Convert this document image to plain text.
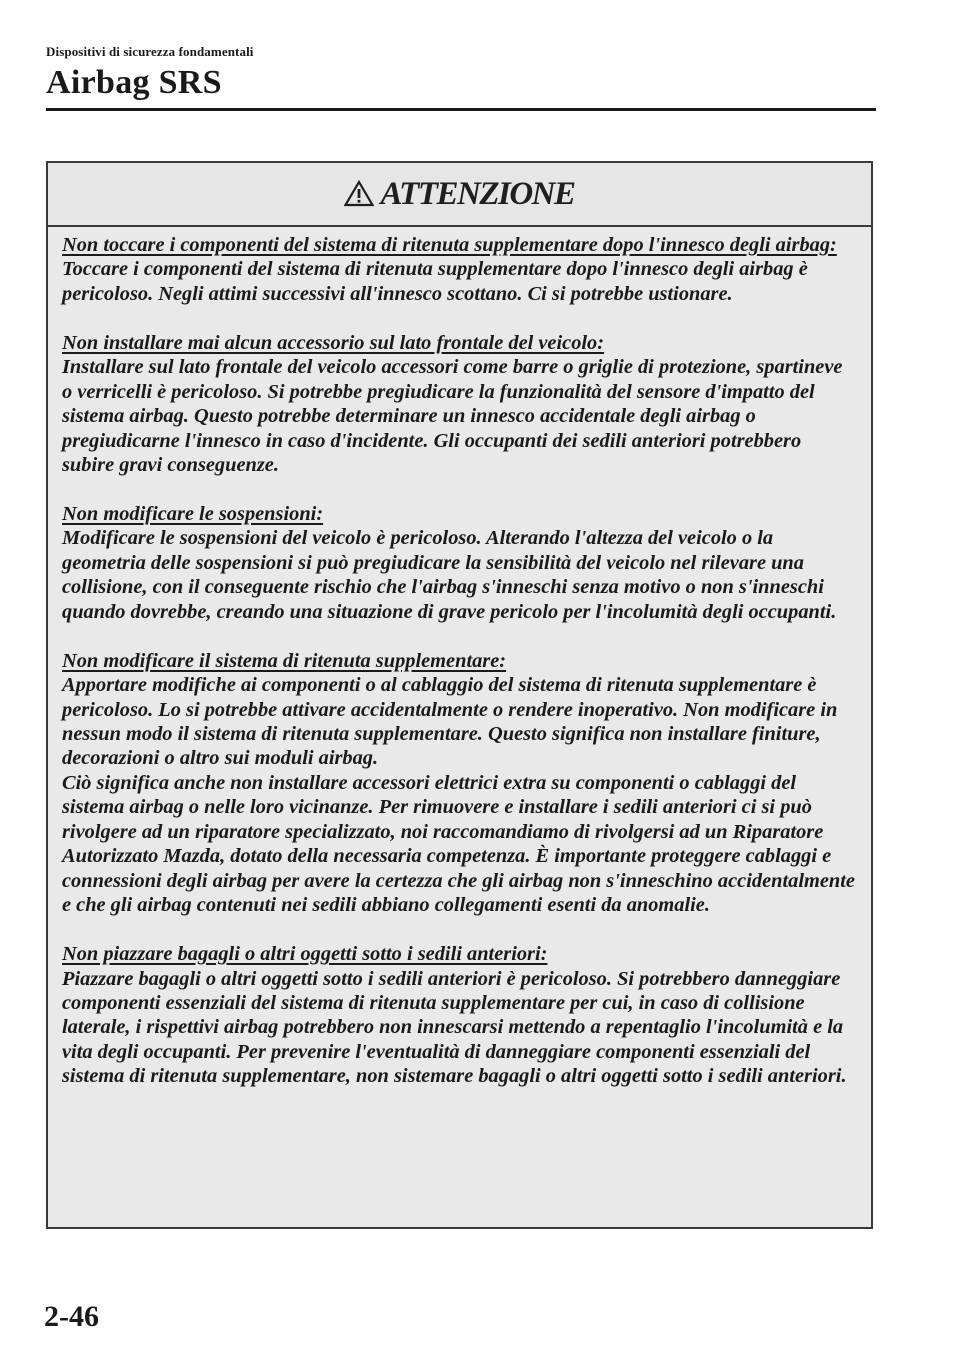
Dispositivi di sicurezza fondamentali
Airbag SRS
ATTENZIONE
Non toccare i componenti del sistema di ritenuta supplementare dopo l'innesco degli airbag:
Toccare i componenti del sistema di ritenuta supplementare dopo l'innesco degli airbag è pericoloso. Negli attimi successivi all'innesco scottano. Ci si potrebbe ustionare.
Non installare mai alcun accessorio sul lato frontale del veicolo:
Installare sul lato frontale del veicolo accessori come barre o griglie di protezione, spartineve o verricelli è pericoloso. Si potrebbe pregiudicare la funzionalità del sensore d'impatto del sistema airbag. Questo potrebbe determinare un innesco accidentale degli airbag o pregiudicarne l'innesco in caso d'incidente. Gli occupanti dei sedili anteriori potrebbero subire gravi conseguenze.
Non modificare le sospensioni:
Modificare le sospensioni del veicolo è pericoloso. Alterando l'altezza del veicolo o la geometria delle sospensioni si può pregiudicare la sensibilità del veicolo nel rilevare una collisione, con il conseguente rischio che l'airbag s'inneschi senza motivo o non s'inneschi quando dovrebbe, creando una situazione di grave pericolo per l'incolumità degli occupanti.
Non modificare il sistema di ritenuta supplementare:
Apportare modifiche ai componenti o al cablaggio del sistema di ritenuta supplementare è pericoloso. Lo si potrebbe attivare accidentalmente o rendere inoperativo. Non modificare in nessun modo il sistema di ritenuta supplementare. Questo significa non installare finiture, decorazioni o altro sui moduli airbag.
Ciò significa anche non installare accessori elettrici extra su componenti o cablaggi del sistema airbag o nelle loro vicinanze. Per rimuovere e installare i sedili anteriori ci si può rivolgere ad un riparatore specializzato, noi raccomandiamo di rivolgersi ad un Riparatore Autorizzato Mazda, dotato della necessaria competenza. È importante proteggere cablaggi e connessioni degli airbag per avere la certezza che gli airbag non s'inneschino accidentalmente e che gli airbag contenuti nei sedili abbiano collegamenti esenti da anomalie.
Non piazzare bagagli o altri oggetti sotto i sedili anteriori:
Piazzare bagagli o altri oggetti sotto i sedili anteriori è pericoloso. Si potrebbero danneggiare componenti essenziali del sistema di ritenuta supplementare per cui, in caso di collisione laterale, i rispettivi airbag potrebbero non innescarsi mettendo a repentaglio l'incolumità e la vita degli occupanti. Per prevenire l'eventualità di danneggiare componenti essenziali del sistema di ritenuta supplementare, non sistemare bagagli o altri oggetti sotto i sedili anteriori.
2-46
